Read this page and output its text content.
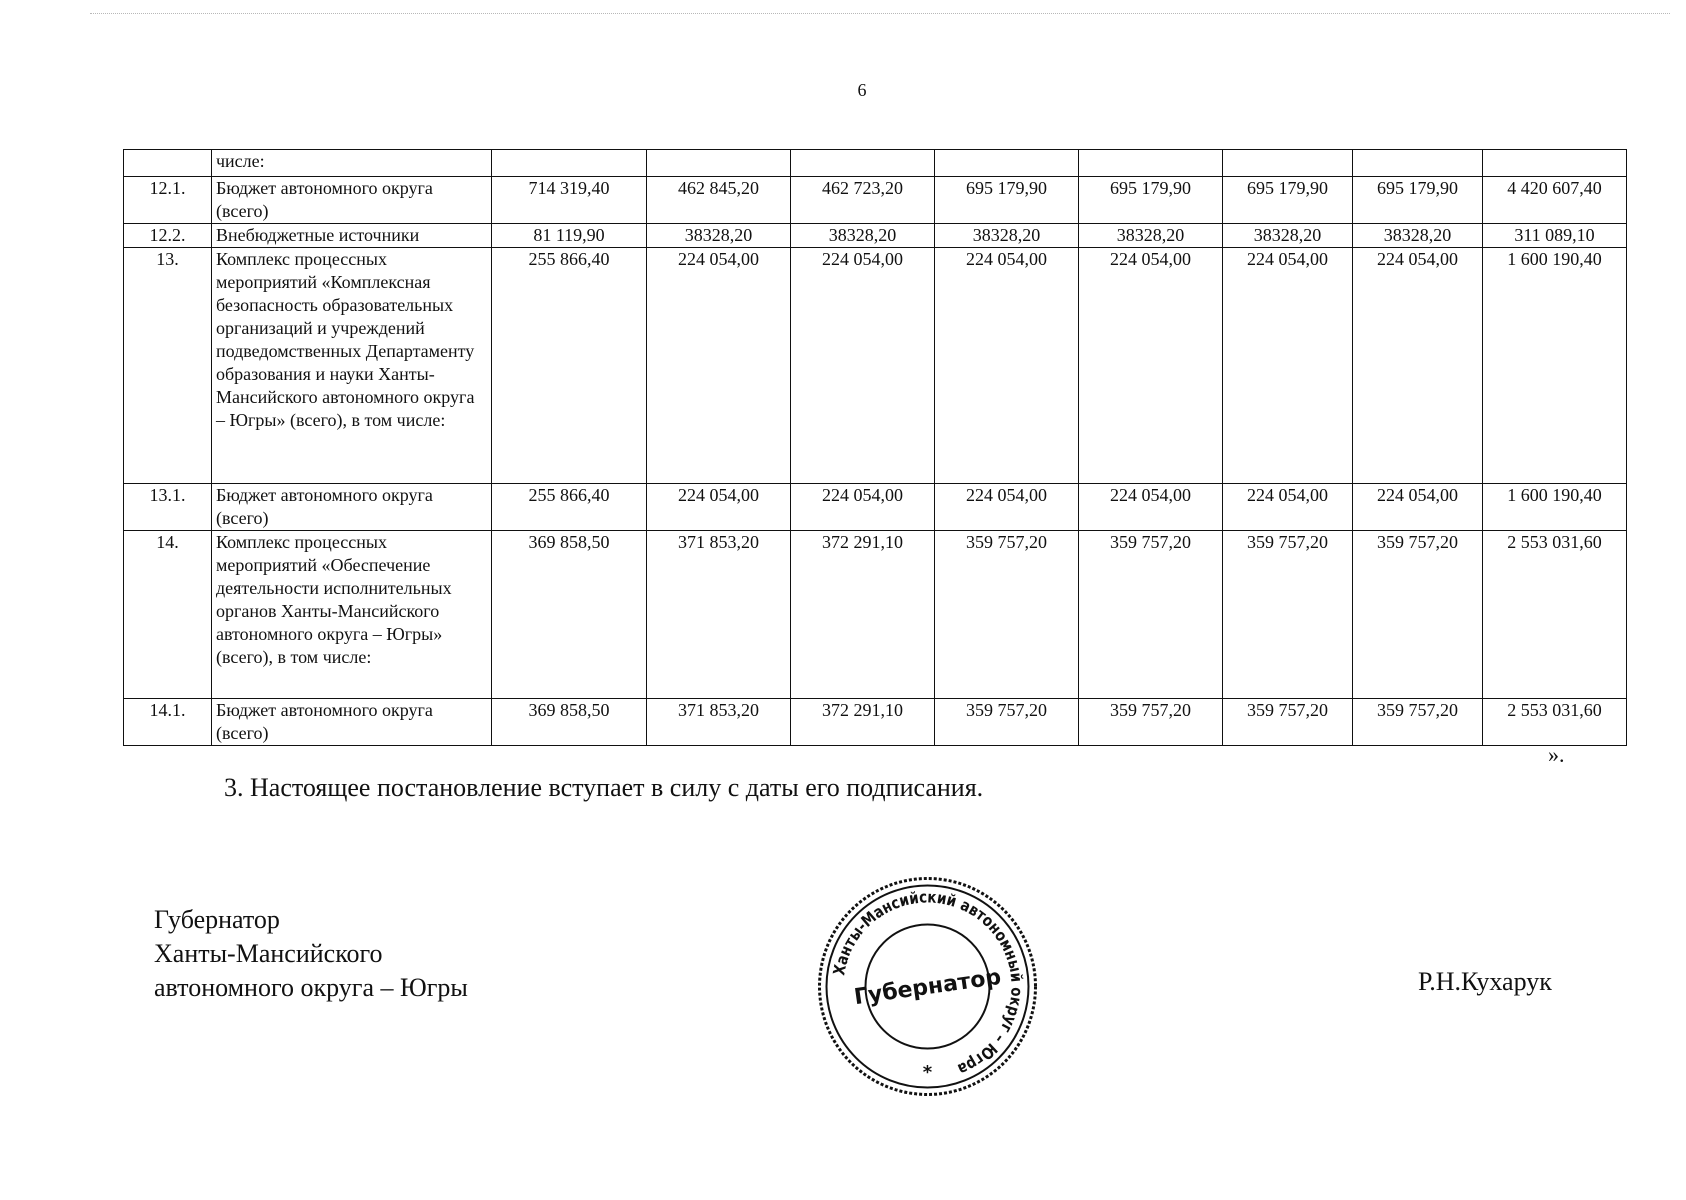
6
	числе:								
12.1.	Бюджет автономного округа (всего)	714 319,40	462 845,20	462 723,20	695 179,90	695 179,90	695 179,90	695 179,90	4 420 607,40
12.2.	Внебюджетные источники	81 119,90	38328,20	38328,20	38328,20	38328,20	38328,20	38328,20	311 089,10
13.	Комплекс процессных мероприятий «Комплексная безопасность образовательных организаций и учреждений подведомственных Департаменту образования и науки Ханты-Мансийского автономного округа – Югры» (всего), в том числе:	255 866,40	224 054,00	224 054,00	224 054,00	224 054,00	224 054,00	224 054,00	1 600 190,40
13.1.	Бюджет автономного округа (всего)	255 866,40	224 054,00	224 054,00	224 054,00	224 054,00	224 054,00	224 054,00	1 600 190,40
14.	Комплекс процессных мероприятий «Обеспечение деятельности исполнительных органов Ханты-Мансийского автономного округа – Югры» (всего), в том числе:	369 858,50	371 853,20	372 291,10	359 757,20	359 757,20	359 757,20	359 757,20	2 553 031,60
14.1.	Бюджет автономного округа (всего)	369 858,50	371 853,20	372 291,10	359 757,20	359 757,20	359 757,20	359 757,20	2 553 031,60
».
3. Настоящее постановление вступает в силу с даты его подписания.
Губернатор
Ханты-Мансийского
автономного округа – Югры
Ханты-Мансийский автономный округ – Югра
Губернатор
*
Р.Н.Кухарук
